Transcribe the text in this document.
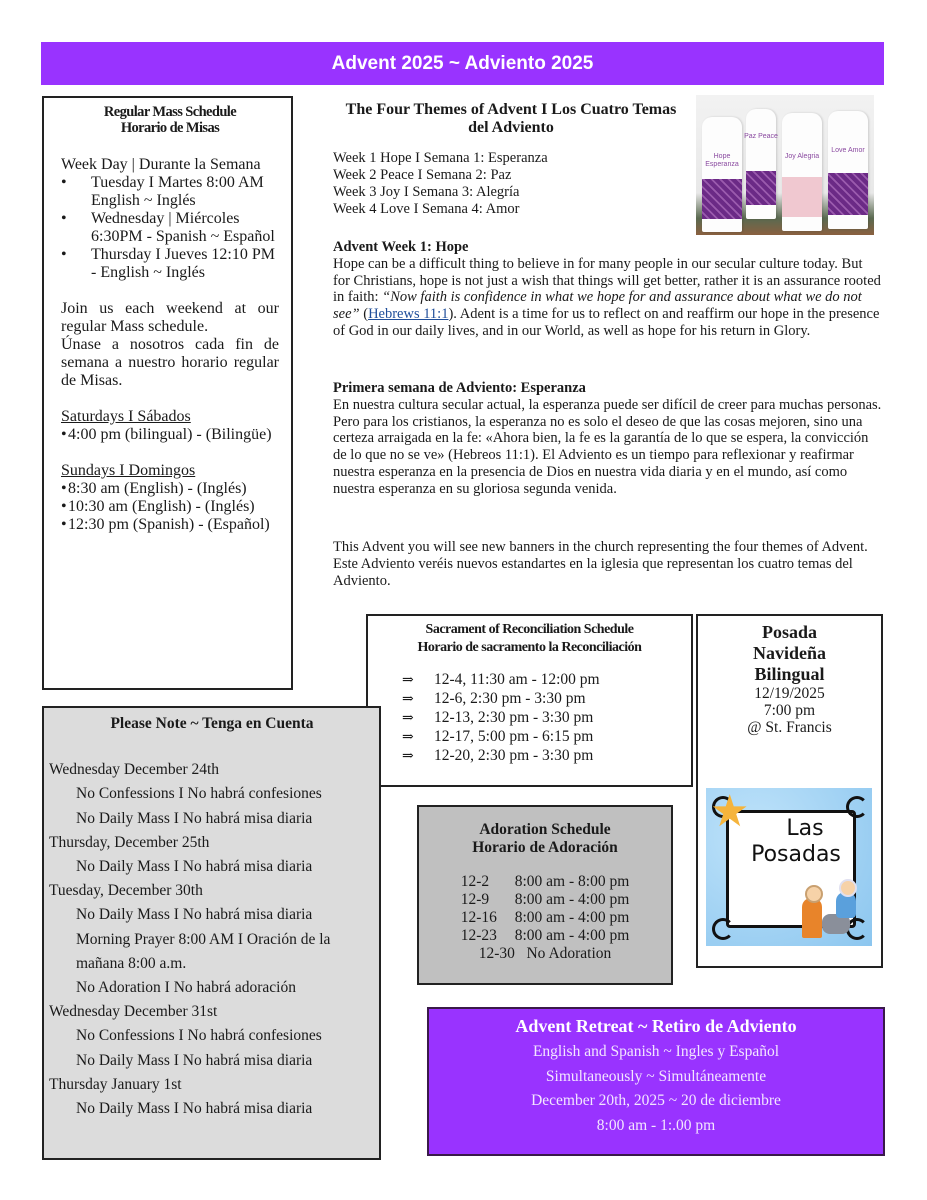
Advent 2025 ~ Adviento 2025
Regular Mass Schedule
Horario de Misas
Week Day | Durante la Semana
• Tuesday I Martes 8:00 AM English ~ Inglés
• Wednesday | Miércoles 6:30PM - Spanish ~ Español
• Thursday I Jueves 12:10 PM - English ~ Inglés
Join us each weekend at our regular Mass schedule.
Únase a nosotros cada fin de semana a nuestro horario regular de Misas.
Saturdays I Sábados
•4:00 pm (bilingual) - (Bilingüe)
Sundays I Domingos
•8:30 am (English) - (Inglés)
•10:30 am (English) - (Inglés)
•12:30 pm (Spanish) - (Español)
The Four Themes of Advent I Los Cuatro Temas del Adviento
Week 1 Hope I Semana 1: Esperanza
Week 2 Peace I Semana 2: Paz
Week 3 Joy I Semana 3: Alegría
Week 4 Love I Semana 4: Amor
Hope Esperanza
Paz Peace
Joy Alegria
Love Amor
Advent Week 1: Hope
Hope can be a difficult thing to believe in for many people in our secular culture today. But for Christians, hope is not just a wish that things will get better, rather it is an assurance rooted in faith: “Now faith is confidence in what we hope for and assurance about what we do not see” (Hebrews 11:1). Adent is a time for us to reflect on and reaffirm our hope in the presence of God in our daily lives, and in our World, as well as hope for his return in Glory.
Primera semana de Adviento: Esperanza
En nuestra cultura secular actual, la esperanza puede ser difícil de creer para muchas personas. Pero para los cristianos, la esperanza no es solo el deseo de que las cosas mejoren, sino una certeza arraigada en la fe: «Ahora bien, la fe es la garantía de lo que se espera, la convicción de lo que no se ve» (Hebreos 11:1). El Adviento es un tiempo para reflexionar y reafirmar nuestra esperanza en la presencia de Dios en nuestra vida diaria y en el mundo, así como nuestra esperanza en su gloriosa segunda venida.
This Advent you will see new banners in the church representing the four themes of Advent. Este Adviento veréis nuevos estandartes en la iglesia que representan los cuatro temas del Adviento.
Sacrament of Reconciliation Schedule
Horario de sacramento la Reconciliación
⇒ 12-4, 11:30 am - 12:00 pm
⇒ 12-6, 2:30 pm - 3:30 pm
⇒ 12-13, 2:30 pm - 3:30 pm
⇒ 12-17, 5:00 pm - 6:15 pm
⇒ 12-20, 2:30 pm - 3:30 pm
Posada
Navideña
Bilingual
12/19/2025
7:00 pm
@ St. Francis
★	Las
Posadas
Please Note ~ Tenga en Cuenta
Wednesday December 24th
No Confessions I No habrá confesiones
No Daily Mass I No habrá misa diaria
Thursday, December 25th
No Daily Mass I No habrá misa diaria
Tuesday, December 30th
No Daily Mass I No habrá misa diaria
Morning Prayer 8:00 AM I Oración de la mañana 8:00 a.m.
No Adoration I No habrá adoración
Wednesday December 31st
No Confessions I No habrá confesiones
No Daily Mass I No habrá misa diaria
Thursday January 1st
No Daily Mass I No habrá misa diaria
Adoration Schedule
Horario de Adoración
12-2	8:00 am - 8:00 pm
12-9	8:00 am - 4:00 pm
12-16	8:00 am - 4:00 pm
12-23	8:00 am - 4:00 pm
12-30   No Adoration
Advent Retreat ~ Retiro de Adviento
English and Spanish ~ Ingles y Español
Simultaneously ~ Simultáneamente
December 20th, 2025 ~ 20 de diciembre
8:00 am - 1:.00 pm
